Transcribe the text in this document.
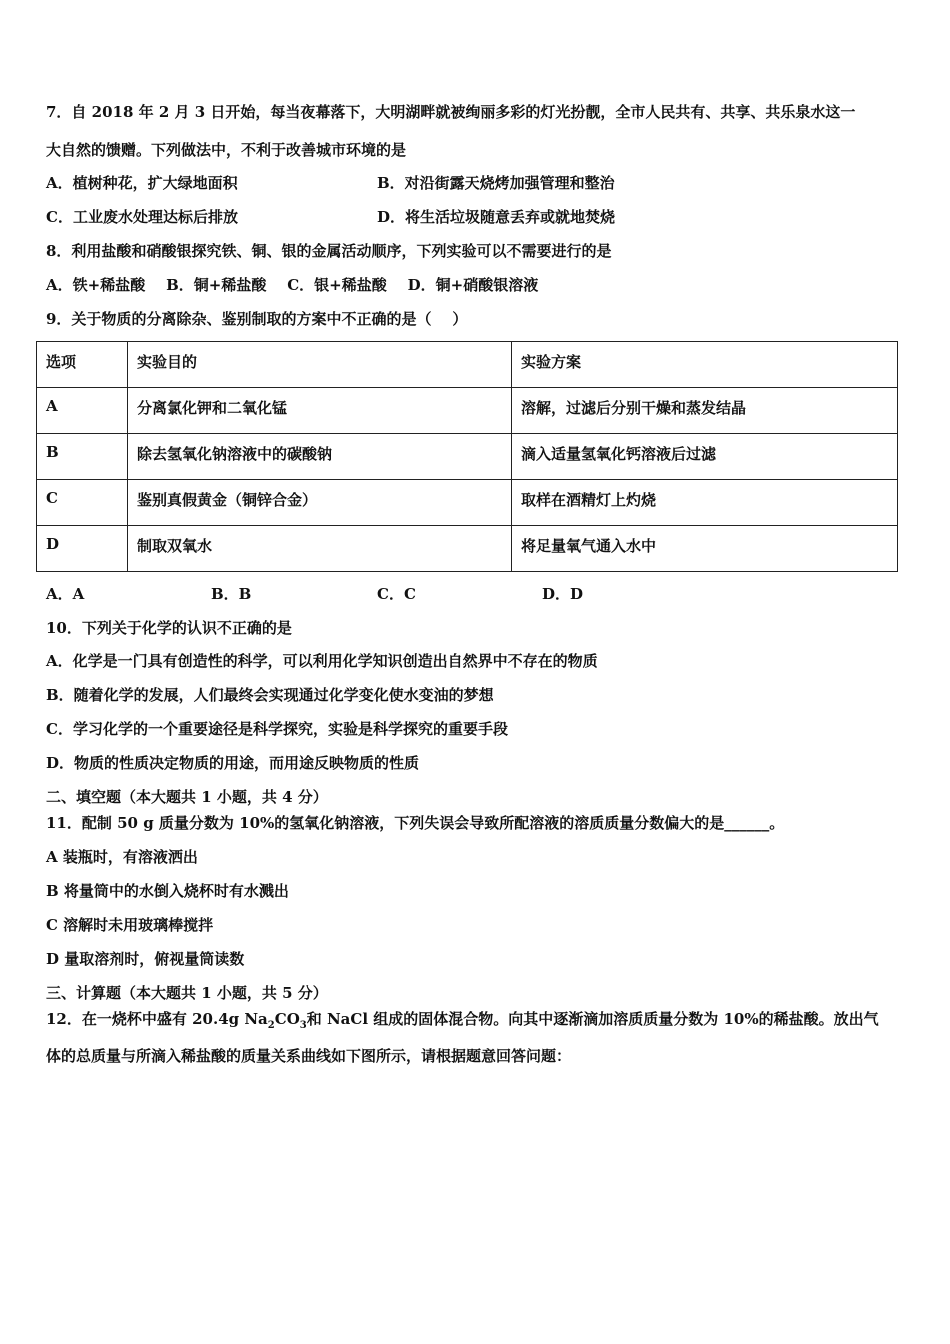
7．自 2018 年 2 月 3 日开始，每当夜幕落下，大明湖畔就被绚丽多彩的灯光扮靓，全市人民共有、共享、共乐泉水这一
大自然的馈赠。下列做法中，不利于改善城市环境的是
A．植树种花，扩大绿地面积	B．对沿街露天烧烤加强管理和整治
C．工业废水处理达标后排放	D．将生活垃圾随意丢弃或就地焚烧
8．利用盐酸和硝酸银探究铁、铜、银的金属活动顺序，下列实验可以不需要进行的是
A．铁+稀盐酸    B．铜+稀盐酸    C．银+稀盐酸    D．铜+硝酸银溶液
9．关于物质的分离除杂、鉴别制取的方案中不正确的是（    ）
选项	实验目的	实验方案
A	分离氯化钾和二氧化锰	溶解，过滤后分别干燥和蒸发结晶
B	除去氢氧化钠溶液中的碳酸钠	滴入适量氢氧化钙溶液后过滤
C	鉴别真假黄金（铜锌合金）	取样在酒精灯上灼烧
D	制取双氧水	将足量氧气通入水中
A．A	B．B	C．C	D．D
10．下列关于化学的认识不正确的是
A．化学是一门具有创造性的科学，可以利用化学知识创造出自然界中不存在的物质
B．随着化学的发展，人们最终会实现通过化学变化使水变油的梦想
C．学习化学的一个重要途径是科学探究，实验是科学探究的重要手段
D．物质的性质决定物质的用途，而用途反映物质的性质
二、填空题（本大题共 1 小题，共 4 分）
11．配制 50 g 质量分数为 10%的氢氧化钠溶液，下列失误会导致所配溶液的溶质质量分数偏大的是______。
A 装瓶时，有溶液洒出
B 将量筒中的水倒入烧杯时有水溅出
C 溶解时未用玻璃棒搅拌
D 量取溶剂时，俯视量筒读数
三、计算题（本大题共 1 小题，共 5 分）
12．在一烧杯中盛有 20.4g $Na_2CO_3$和 NaCl 组成的固体混合物。向其中逐渐滴加溶质质量分数为 10%的稀盐酸。放出气
体的总质量与所滴入稀盐酸的质量关系曲线如下图所示，请根据题意回答问题：
